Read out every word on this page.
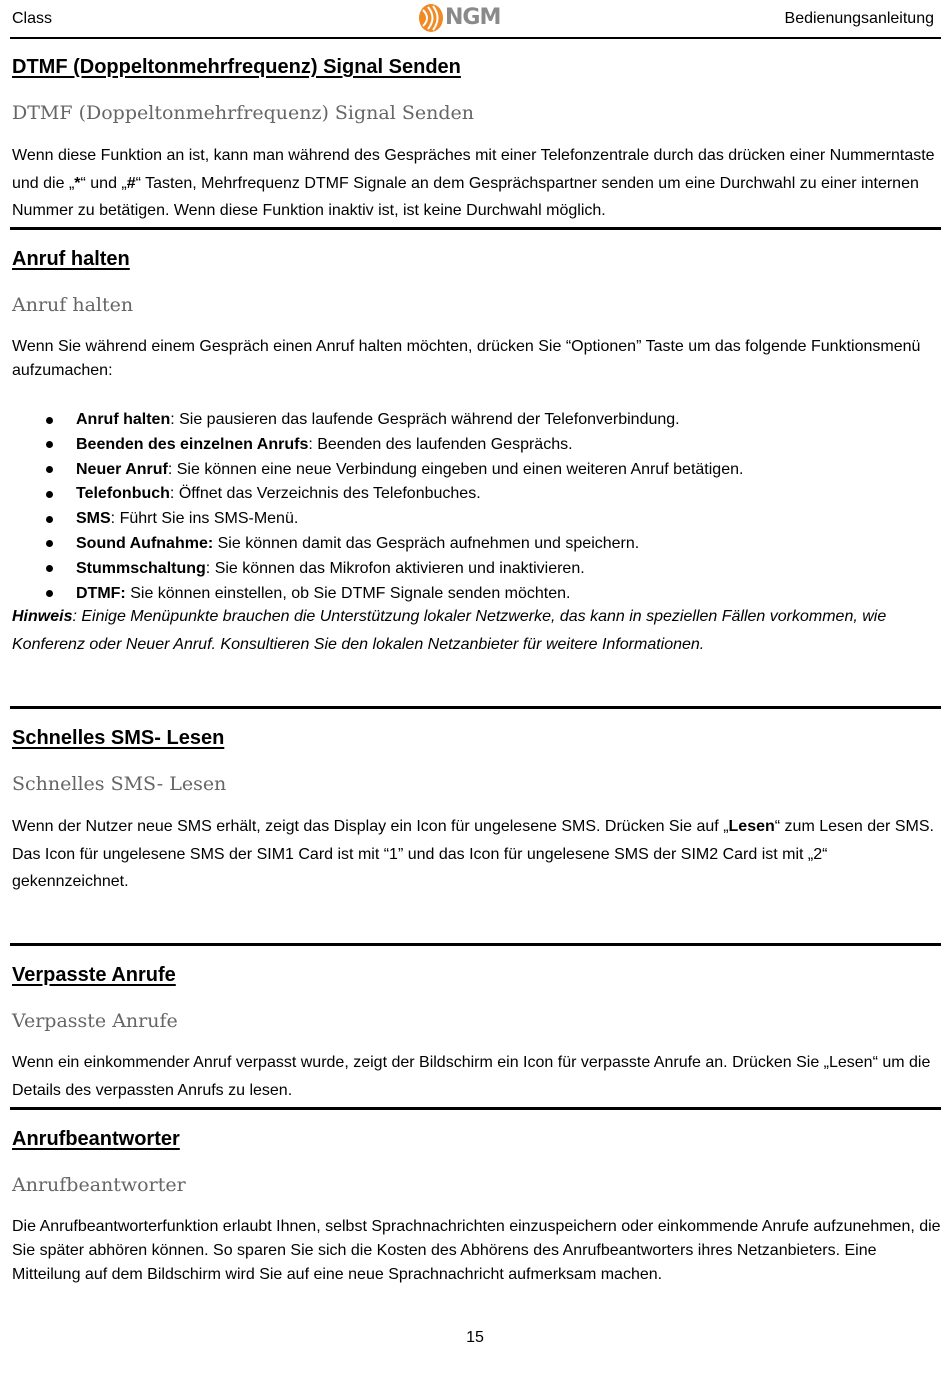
Class	NGM	Bedienungsanleitung
DTMF (Doppeltonmehrfrequenz) Signal Senden
DTMF (Doppeltonmehrfrequenz) Signal Senden
Wenn diese Funktion an ist, kann man während des Gespräches mit einer Telefonzentrale durch das drücken einer Nummerntaste und die „*“ und „#“ Tasten, Mehrfrequenz DTMF Signale an dem Gesprächspartner senden um eine Durchwahl zu einer internen Nummer zu betätigen. Wenn diese Funktion inaktiv ist, ist keine Durchwahl möglich.
Anruf halten
Anruf halten
Wenn Sie während einem Gespräch einen Anruf halten möchten, drücken Sie “Optionen” Taste um das folgende Funktionsmenü aufzumachen:
Anruf halten: Sie pausieren das laufende Gespräch während der Telefonverbindung.
Beenden des einzelnen Anrufs: Beenden des laufenden Gesprächs.
Neuer Anruf: Sie können eine neue Verbindung eingeben und einen weiteren Anruf betätigen.
Telefonbuch: Öffnet das Verzeichnis des Telefonbuches.
SMS: Führt Sie ins SMS-Menü.
Sound Aufnahme: Sie können damit das Gespräch aufnehmen und speichern.
Stummschaltung: Sie können das Mikrofon aktivieren und inaktivieren.
DTMF: Sie können einstellen, ob Sie DTMF Signale senden möchten.
Hinweis: Einige Menüpunkte brauchen die Unterstützung lokaler Netzwerke, das kann in speziellen Fällen vorkommen, wie Konferenz oder Neuer Anruf. Konsultieren Sie den lokalen Netzanbieter für weitere Informationen.
Schnelles SMS- Lesen
Schnelles SMS- Lesen
Wenn der Nutzer neue SMS erhält, zeigt das Display ein Icon für ungelesene SMS. Drücken Sie auf „Lesen“ zum Lesen der SMS. Das Icon für ungelesene SMS der SIM1 Card ist mit “1” und das Icon für ungelesene SMS der SIM2 Card ist mit „2“ gekennzeichnet.
Verpasste Anrufe
Verpasste Anrufe
Wenn ein einkommender Anruf verpasst wurde, zeigt der Bildschirm ein Icon für verpasste Anrufe an. Drücken Sie „Lesen“ um die Details des verpassten Anrufs zu lesen.
Anrufbeantworter
Anrufbeantworter
Die Anrufbeantworterfunktion erlaubt Ihnen, selbst Sprachnachrichten einzuspeichern oder einkommende Anrufe aufzunehmen, die Sie später abhören können. So sparen Sie sich die Kosten des Abhörens des Anrufbeantworters ihres Netzanbieters. Eine Mitteilung auf dem Bildschirm wird Sie auf eine neue Sprachnachricht aufmerksam machen.
15
